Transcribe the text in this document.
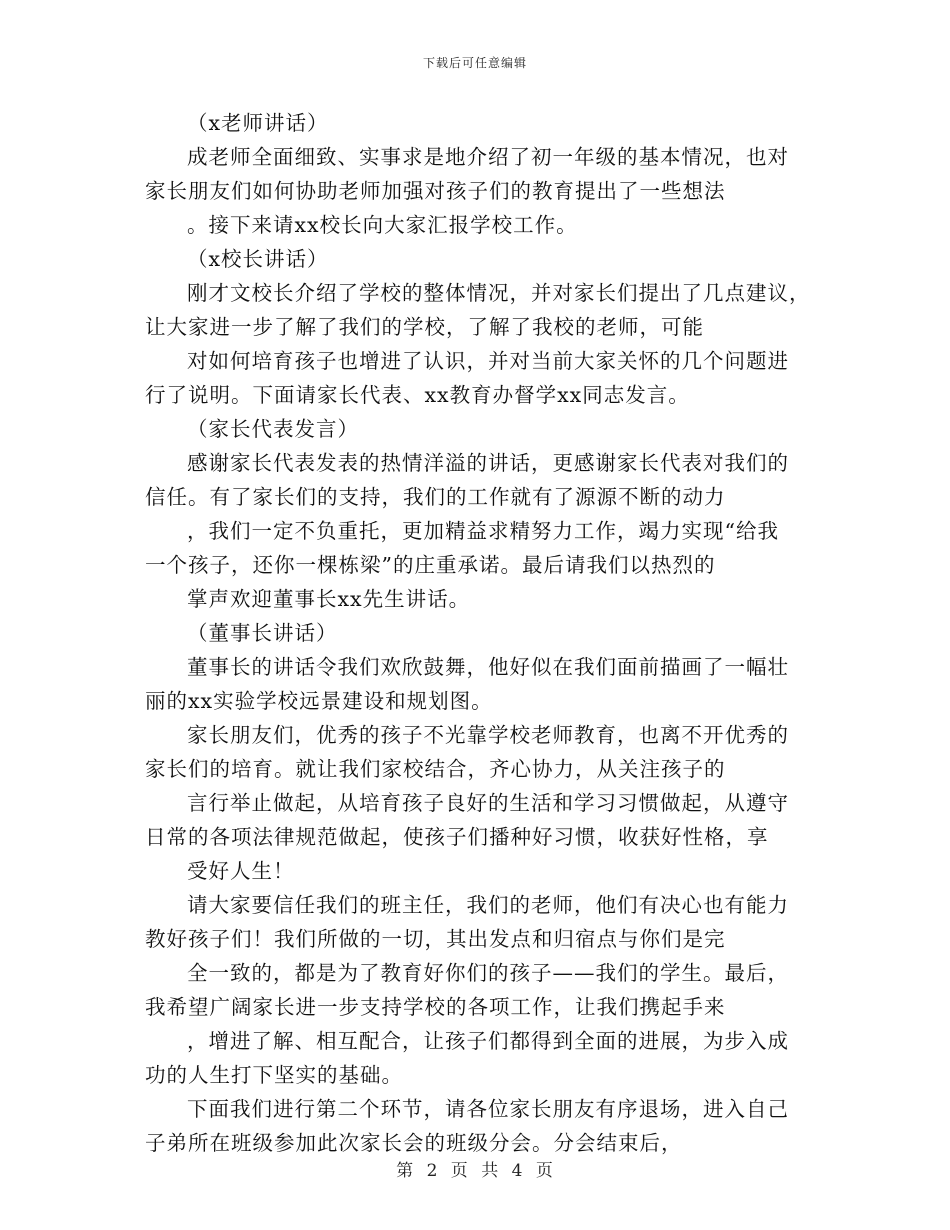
下载后可任意编辑
（x老师讲话）
成老师全面细致、实事求是地介绍了初一年级的基本情况，也对
家长朋友们如何协助老师加强对孩子们的教育提出了一些想法
。接下来请xx校长向大家汇报学校工作。
（x校长讲话）
刚才文校长介绍了学校的整体情况，并对家长们提出了几点建议，
让大家进一步了解了我们的学校，了解了我校的老师，可能
对如何培育孩子也增进了认识，并对当前大家关怀的几个问题进
行了说明。下面请家长代表、xx教育办督学xx同志发言。
（家长代表发言）
感谢家长代表发表的热情洋溢的讲话，更感谢家长代表对我们的
信任。有了家长们的支持，我们的工作就有了源源不断的动力
，我们一定不负重托，更加精益求精努力工作，竭力实现“给我
一个孩子，还你一棵栋梁”的庄重承诺。最后请我们以热烈的
掌声欢迎董事长xx先生讲话。
（董事长讲话）
董事长的讲话令我们欢欣鼓舞，他好似在我们面前描画了一幅壮
丽的xx实验学校远景建设和规划图。
家长朋友们，优秀的孩子不光靠学校老师教育，也离不开优秀的
家长们的培育。就让我们家校结合，齐心协力，从关注孩子的
言行举止做起，从培育孩子良好的生活和学习习惯做起，从遵守
日常的各项法律规范做起，使孩子们播种好习惯，收获好性格，享
受好人生！
请大家要信任我们的班主任，我们的老师，他们有决心也有能力
教好孩子们！我们所做的一切，其出发点和归宿点与你们是完
全一致的，都是为了教育好你们的孩子——我们的学生。最后，
我希望广阔家长进一步支持学校的各项工作，让我们携起手来
，增进了解、相互配合，让孩子们都得到全面的进展，为步入成
功的人生打下坚实的基础。
下面我们进行第二个环节，请各位家长朋友有序退场，进入自己
子弟所在班级参加此次家长会的班级分会。分会结束后，
第 2 页 共 4 页
